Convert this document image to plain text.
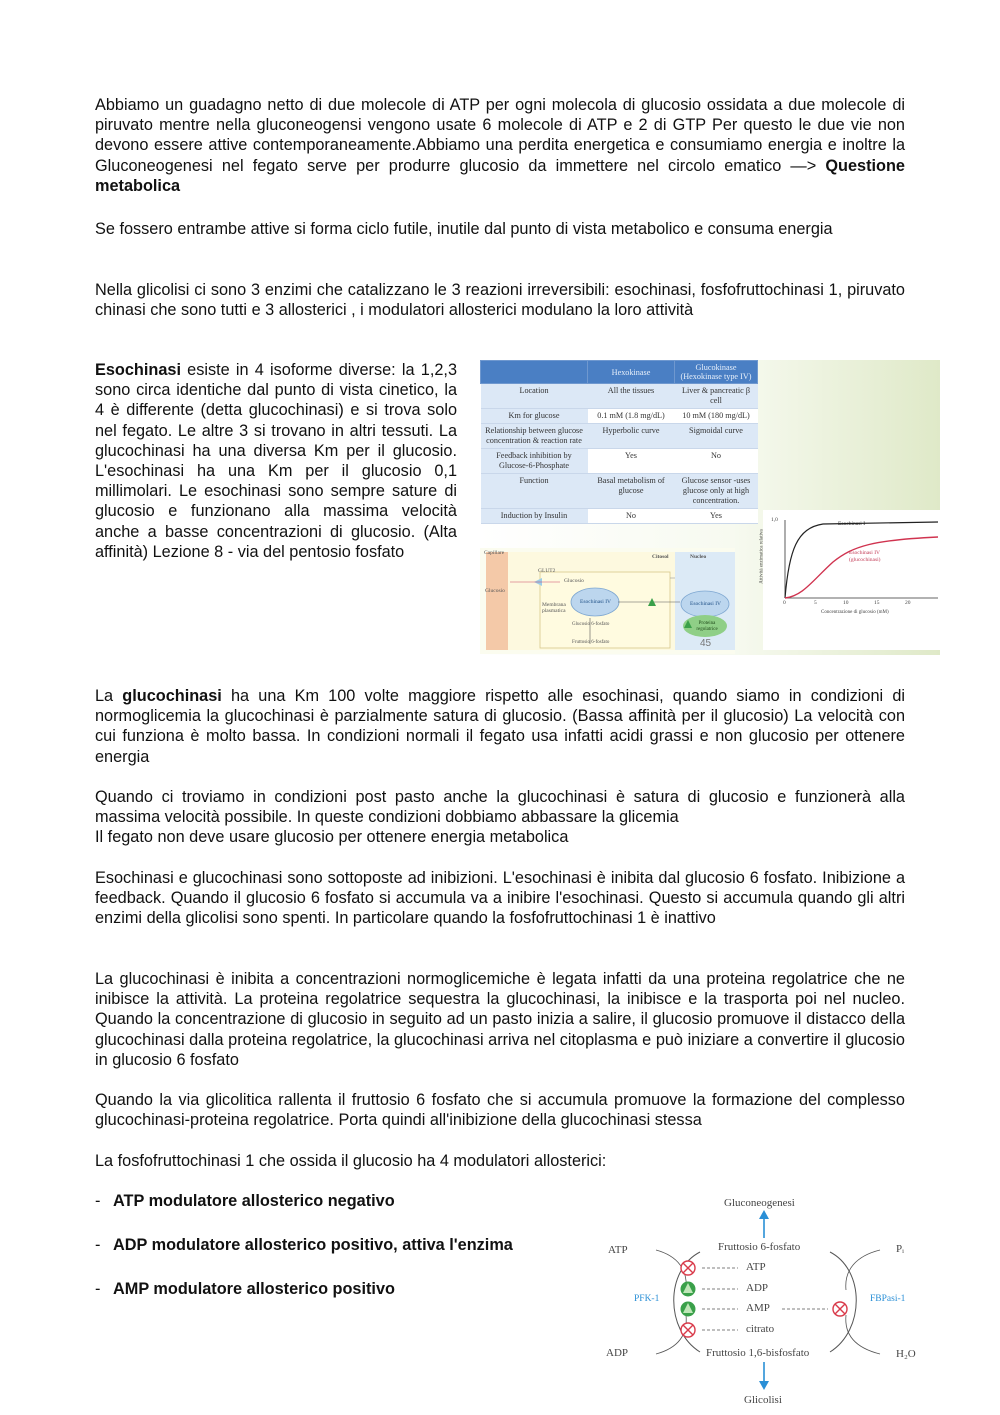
Abbiamo un guadagno netto di due molecole di ATP per ogni molecola di glucosio ossidata a due molecole di piruvato mentre nella gluconeogensi vengono usate 6 molecole di ATP e 2 di GTP Per questo le due vie non devono essere attive contemporaneamente.Abbiamo una perdita energetica e consumiamo energia e inoltre la Gluconeogenesi nel fegato serve per produrre glucosio da immettere nel circolo ematico —> Questione metabolica

Se fossero entrambe attive si forma ciclo futile, inutile dal punto di vista metabolico e consuma energia

Nella glicolisi ci sono 3 enzimi che catalizzano le 3 reazioni irreversibili: esochinasi, fosfofruttochinasi 1, piruvato chinasi che sono tutti e 3 allosterici , i modulatori allosterici modulano la loro attività

Esochinasi esiste in 4 isoforme diverse: la 1,2,3 sono circa identiche dal punto di vista cinetico, la 4 è differente (detta glucochinasi) e si trova solo nel fegato. Le altre 3 si trovano in altri tessuti. La glucochinasi ha una diversa Km per il glucosio. L'esochinasi ha una Km per il glucosio 0,1 millimolari. Le esochinasi sono sempre sature di glucosio e funzionano alla massima velocità anche a basse concentrazioni di glucosio. (Alta affinità) Lezione 8 - via del pentosio fosfato

	Hexokinase	Glucokinase (Hexokinase type IV)
Location	All the tissues	Liver & pancreatic β cell
Km for glucose	0.1 mM (1.8 mg/dL)	10 mM (180 mg/dL)
Relationship between glucose concentration & reaction rate	Hyperbolic curve	Sigmoidal curve
Feedback inhibition by Glucose-6-Phosphate	Yes	No
Function	Basal metabolism of glucose	Glucose sensor -uses glucose only at high concentration.
Induction by Insulin	No	Yes
Capillare
Glucosio
GLUT2
Glucosio
Membrana plasmatica
Citosol	Nucleo
Esochinasi IV	Esochinasi IV
Proteina regolatrice
Glucosio 6-fosfato
Fruttosio 6-fosfato	45
1,0
Attività enzimatica relativa
0	5	10	15	20
Concentrazione di glucosio (mM)
Esochinasi I
Esochinasi IV
(glucochinasi)

La glucochinasi ha una Km 100 volte maggiore rispetto alle esochinasi, quando siamo in condizioni di normoglicemia la glucochinasi è parzialmente satura di glucosio. (Bassa affinità per il glucosio) La velocità con cui funziona è molto bassa. In condizioni normali il fegato usa infatti acidi grassi e non glucosio per ottenere energia

Quando ci troviamo in condizioni post pasto anche la glucochinasi è satura di glucosio e funzionerà alla massima velocità possibile. In queste condizioni dobbiamo abbassare la glicemia
Il fegato non deve usare glucosio per ottenere energia metabolica

Esochinasi e glucochinasi sono sottoposte ad inibizioni. L'esochinasi è inibita dal glucosio 6 fosfato. Inibizione a feedback. Quando il glucosio 6 fosfato si accumula va a inibire l'esochinasi. Questo si accumula quando gli altri enzimi della glicolisi sono spenti. In particolare quando la fosfofruttochinasi 1 è inattivo

La glucochinasi è inibita a concentrazioni normoglicemiche è legata infatti da una proteina regolatrice che ne inibisce la attività. La proteina regolatrice sequestra la glucochinasi, la inibisce e la trasporta poi nel nucleo. Quando la concentrazione di glucosio in seguito ad un pasto inizia a salire, il glucosio promuove il distacco della glucochinasi dalla proteina regolatrice, la glucochinasi arriva nel citoplasma e può iniziare a convertire il glucosio in glucosio 6 fosfato

Quando la via glicolitica rallenta il fruttosio 6 fosfato che si accumula promuove la formazione del complesso glucochinasi-proteina regolatrice. Porta quindi all'inibizione della glucochinasi stessa

La fosfofruttochinasi 1 che ossida il glucosio ha 4 modulatori allosterici:

- ATP modulatore allosterico negativo
- ADP modulatore allosterico positivo, attiva l'enzima
- AMP modulatore allosterico positivo
Gluconeogenesi
Fruttosio 6-fosfato
ATP	Pᵢ
PFK-1	FBPasi-1
ATP
ADP
AMP
citrato
ADP	Fruttosio 1,6-bisfosfato	H₂O
Glicolisi
